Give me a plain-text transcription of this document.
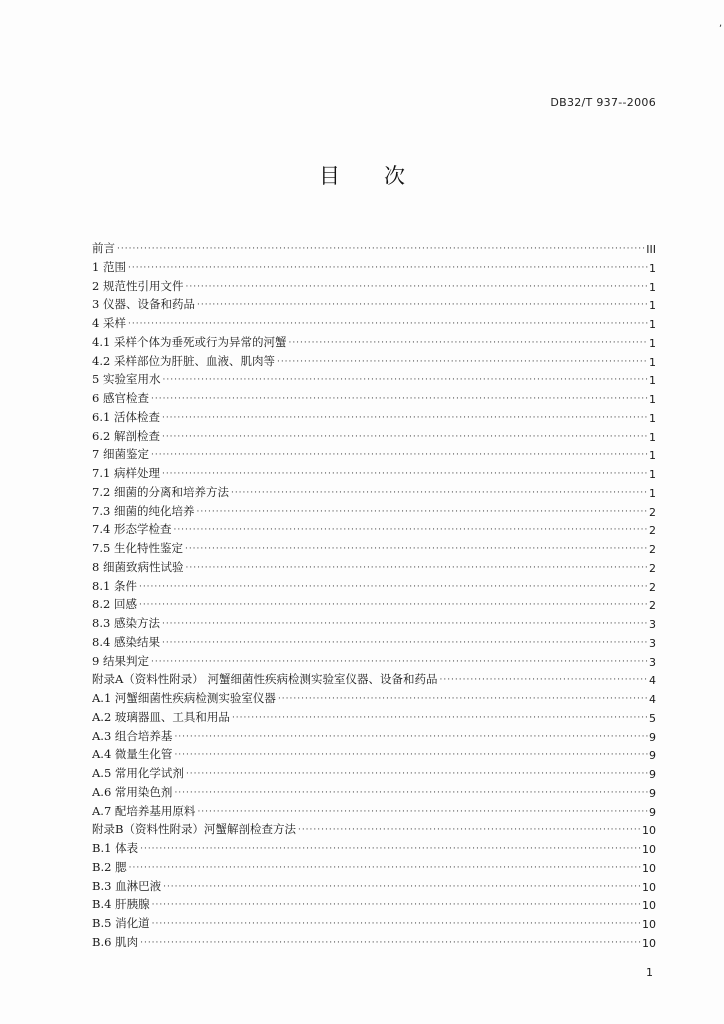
‚
DB32/T 937--2006
目次
前言 ·····	III
1 范围 ·····	1
2 规范性引用文件 ·····	1
3 仪器、设备和药品 ·····	1
4 采样 ·····	1
4.1 采样个体为垂死或行为异常的河蟹 ·····	1
4.2 采样部位为肝脏、血液、肌肉等 ·····	1
5 实验室用水 ·····	1
6 感官检查 ·····	1
6.1 活体检查 ·····	1
6.2 解剖检查 ·····	1
7 细菌鉴定 ·····	1
7.1 病样处理 ·····	1
7.2 细菌的分离和培养方法 ·····	1
7.3 细菌的纯化培养 ·····	2
7.4 形态学检查 ·····	2
7.5 生化特性鉴定 ·····	2
8 细菌致病性试验 ·····	2
8.1 条件 ·····	2
8.2 回感 ·····	2
8.3 感染方法 ·····	3
8.4 感染结果 ·····	3
9 结果判定 ·····	3
附录A（资料性附录） 河蟹细菌性疾病检测实验室仪器、设备和药品 ·····	4
A.1 河蟹细菌性疾病检测实验室仪器 ·····	4
A.2 玻璃器皿、工具和用品 ·····	5
A.3 组合培养基 ·····	9
A.4 微量生化管 ·····	9
A.5 常用化学试剂 ·····	9
A.6 常用染色剂 ·····	9
A.7 配培养基用原料 ·····	9
附录B（资料性附录）河蟹解剖检查方法 ·····	10
B.1 体表 ·····	10
B.2 腮 ·····	10
B.3 血淋巴液 ·····	10
B.4 肝胰腺 ·····	10
B.5 消化道 ·····	10
B.6 肌肉 ·····	10
1
